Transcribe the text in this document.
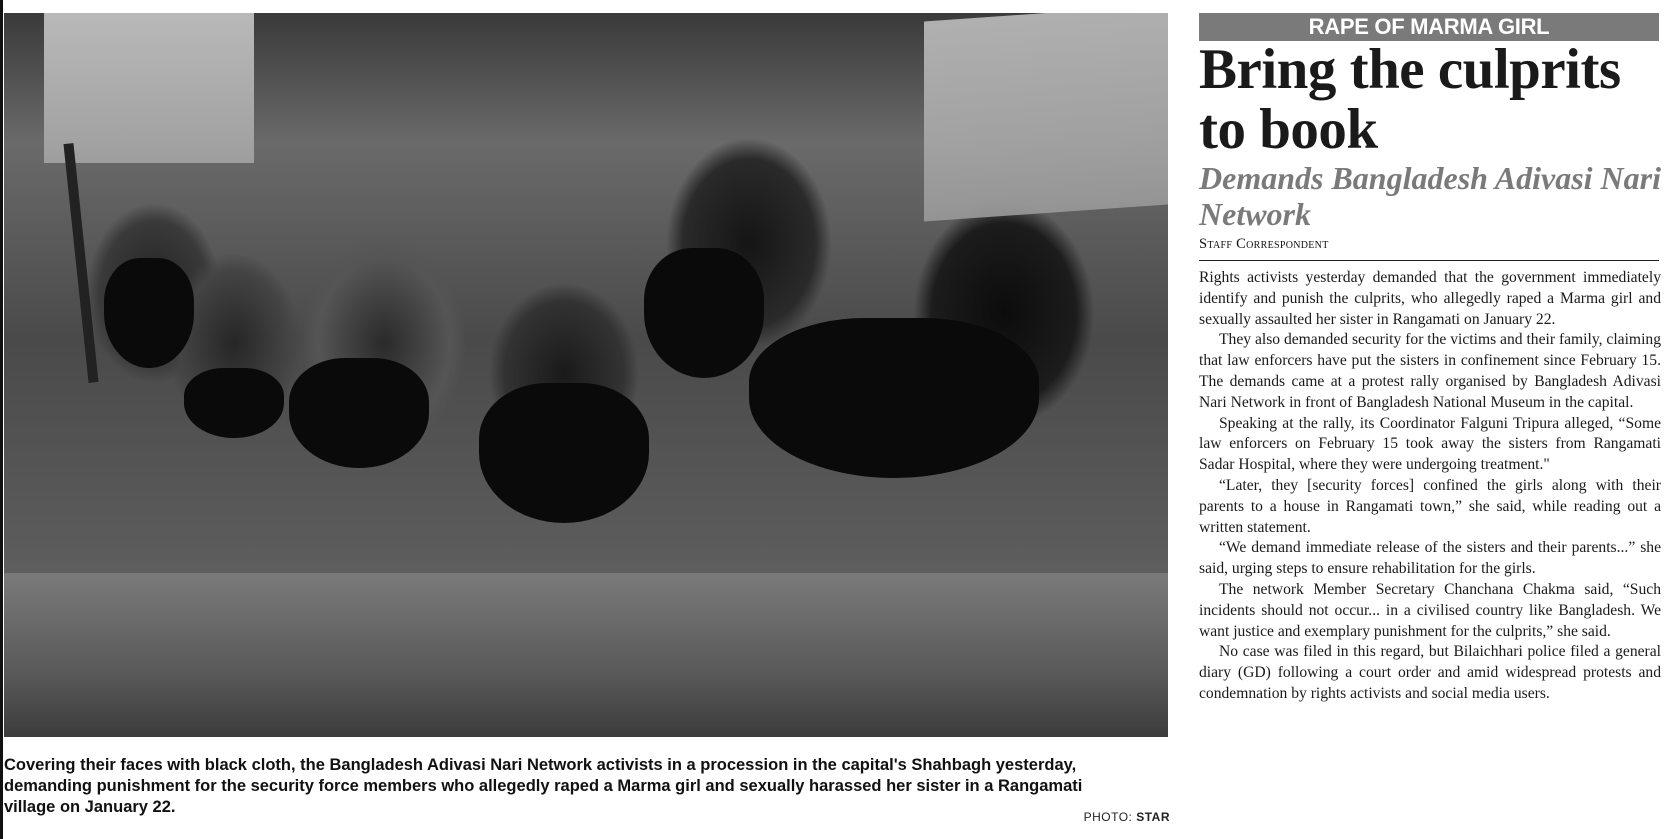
Covering their faces with black cloth, the Bangladesh Adivasi Nari Network activists in a procession in the capital's Shahbagh yesterday, demanding punishment for the security force members who allegedly raped a Marma girl and sexually harassed her sister in a Rangamati village on January 22.
PHOTO: STAR
RAPE OF MARMA GIRL
Bring the culprits to book
Demands Bangladesh Adivasi Nari Network
Staff Correspondent

Rights activists yesterday demanded that the government immediately identify and punish the culprits, who allegedly raped a Marma girl and sexually assaulted her sister in Rangamati on January 22.

They also demanded security for the victims and their family, claiming that law enforcers have put the sisters in confinement since February 15. The demands came at a protest rally organised by Bangladesh Adivasi Nari Network in front of Bangladesh National Museum in the capital.

Speaking at the rally, its Coordinator Falguni Tripura alleged, “Some law enforcers on February 15 took away the sisters from Rangamati Sadar Hospital, where they were undergoing treatment."

“Later, they [security forces] confined the girls along with their parents to a house in Rangamati town,” she said, while reading out a written statement.

“We demand immediate release of the sisters and their parents...” she said, urging steps to ensure rehabilitation for the girls.

The network Member Secretary Chanchana Chakma said, “Such incidents should not occur... in a civilised country like Bangladesh. We want justice and exemplary punishment for the culprits,” she said.

No case was filed in this regard, but Bilaichhari police filed a general diary (GD) following a court order and amid widespread protests and condemnation by rights activists and social media users.
